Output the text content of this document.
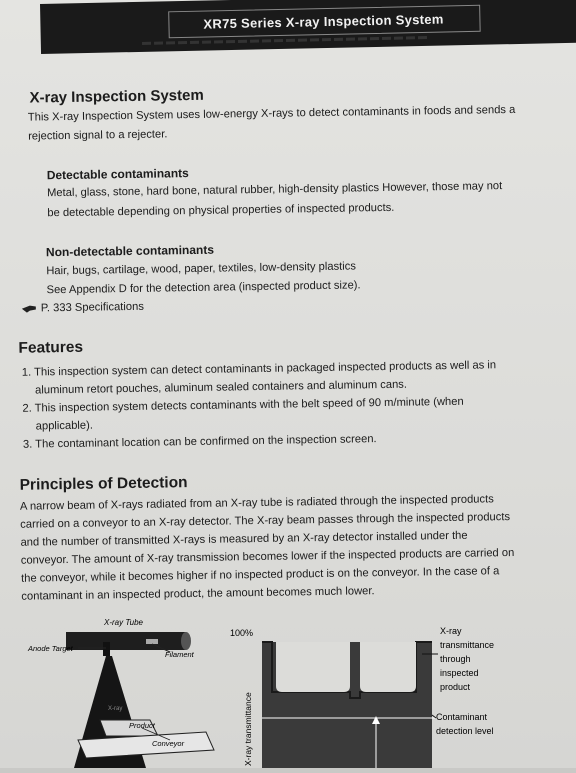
XR75 Series X-ray Inspection System
X-ray Inspection System
This X-ray Inspection System uses low-energy X-rays to detect contaminants in foods and sends a
rejection signal to a rejecter.
Detectable contaminants
Metal, glass, stone, hard bone, natural rubber, high-density plastics However, those may not
be detectable depending on physical properties of inspected products.
Non-detectable contaminants
Hair, bugs, cartilage, wood, paper, textiles, low-density plastics
See Appendix D for the detection area (inspected product size).
P. 333 Specifications
Features
1. This inspection system can detect contaminants in packaged inspected products as well as in
aluminum retort pouches, aluminum sealed containers and aluminum cans.
2. This inspection system detects contaminants with the belt speed of 90 m/minute (when
applicable).
3. The contaminant location can be confirmed on the inspection screen.
Principles of Detection
A narrow beam of X-rays radiated from an X-ray tube is radiated through the inspected products
carried on a conveyor to an X-ray detector. The X-ray beam passes through the inspected products
and the number of transmitted X-rays is measured by an X-ray detector installed under the
conveyor. The amount of X-ray transmission becomes lower if the inspected products are carried on
the conveyor, while it becomes higher if no inspected product is on the conveyor. In the case of a
contaminant in an inspected product, the amount becomes much lower.
X-ray Tube
Anode Target
Filament
X-ray
Product
Conveyor
100%
X-ray transmittance
X-ray
transmittance
through
inspected
product
Contaminant
detection level
